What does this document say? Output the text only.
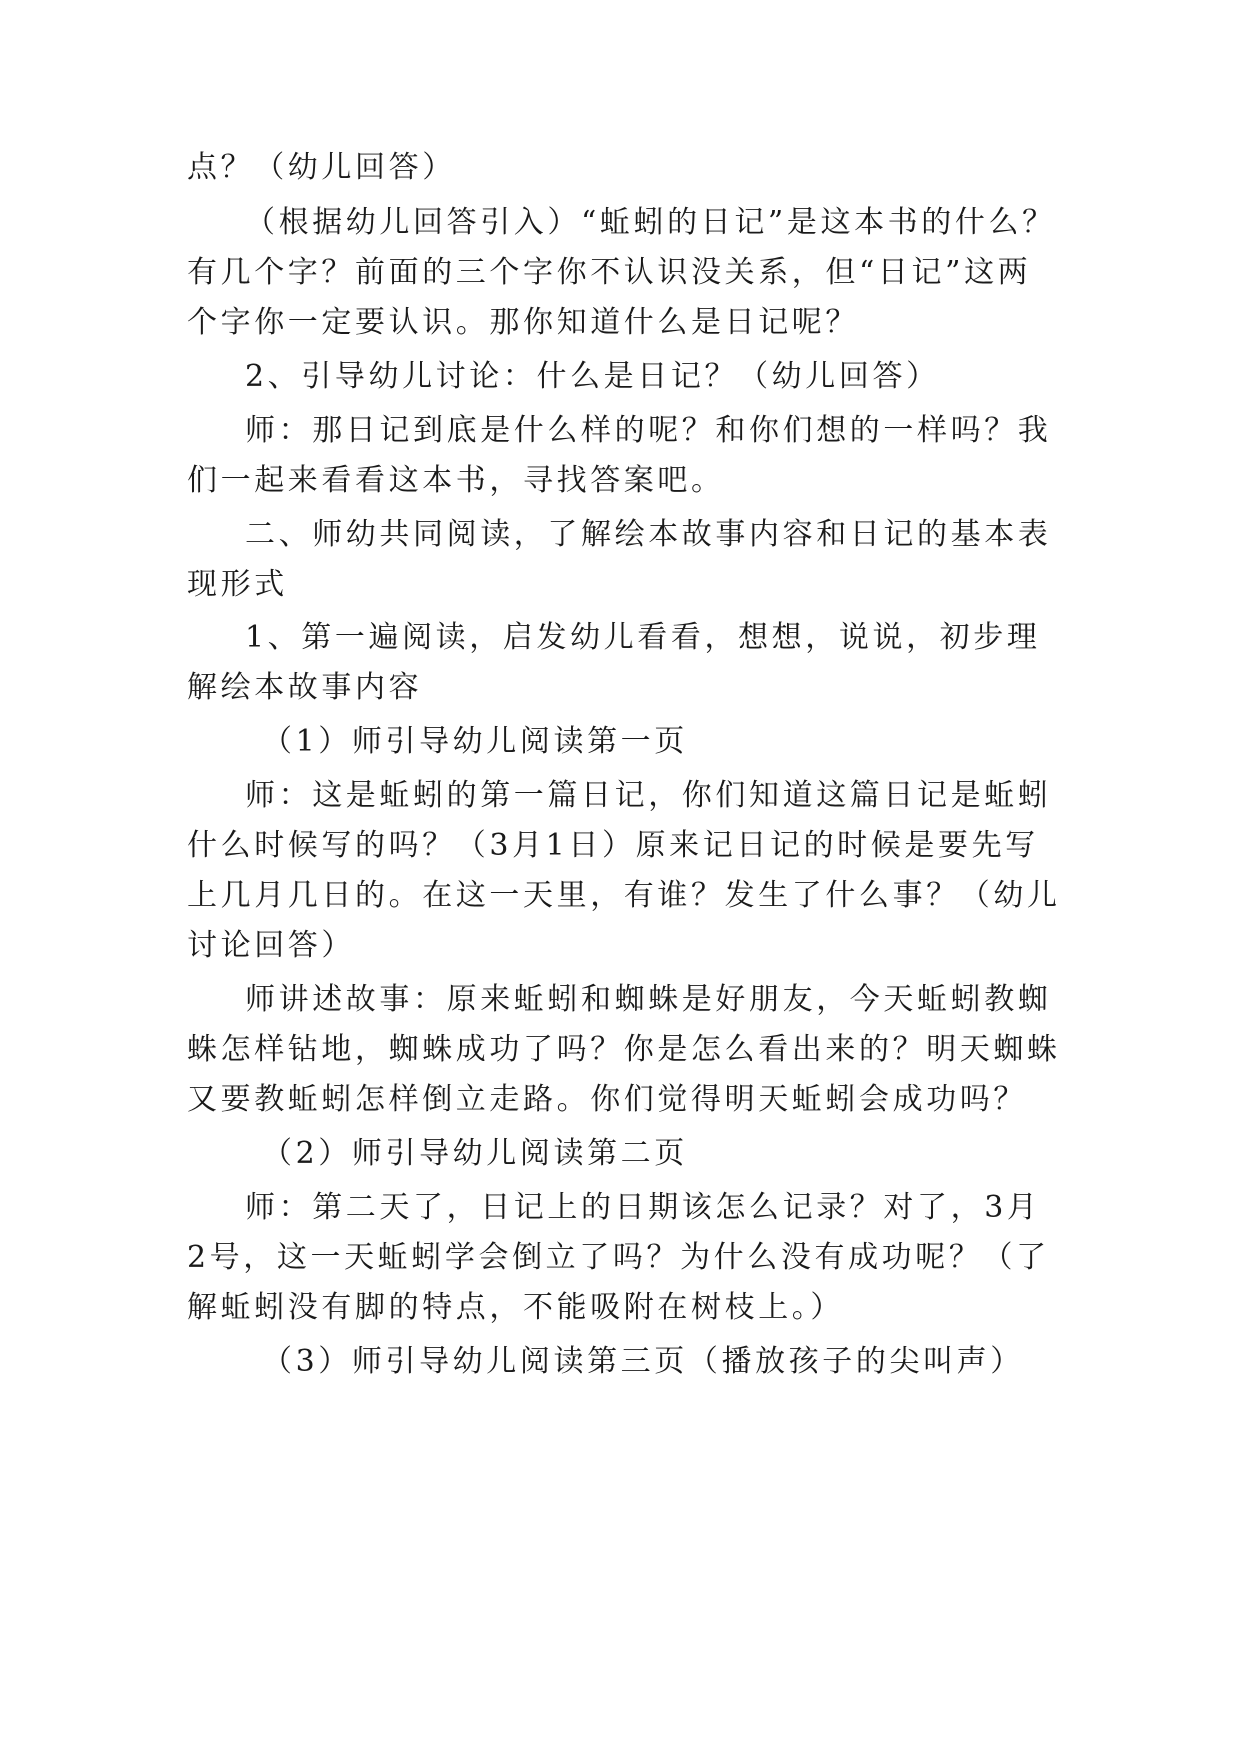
点？（幼儿回答）
（根据幼儿回答引入）“蚯蚓的日记”是这本书的什么？
有几个字？前面的三个字你不认识没关系，但“日记”这两
个字你一定要认识。那你知道什么是日记呢？
2、引导幼儿讨论：什么是日记？（幼儿回答）
师：那日记到底是什么样的呢？和你们想的一样吗？我
们一起来看看这本书，寻找答案吧。
二、师幼共同阅读，了解绘本故事内容和日记的基本表
现形式
1、第一遍阅读，启发幼儿看看，想想，说说，初步理
解绘本故事内容
（1）师引导幼儿阅读第一页
师：这是蚯蚓的第一篇日记，你们知道这篇日记是蚯蚓
什么时候写的吗？（3月1日）原来记日记的时候是要先写
上几月几日的。在这一天里，有谁？发生了什么事？（幼儿
讨论回答）
师讲述故事：原来蚯蚓和蜘蛛是好朋友，今天蚯蚓教蜘
蛛怎样钻地，蜘蛛成功了吗？你是怎么看出来的？明天蜘蛛
又要教蚯蚓怎样倒立走路。你们觉得明天蚯蚓会成功吗？
（2）师引导幼儿阅读第二页
师：第二天了，日记上的日期该怎么记录？对了，3月
2号，这一天蚯蚓学会倒立了吗？为什么没有成功呢？（了
解蚯蚓没有脚的特点，不能吸附在树枝上。）
（3）师引导幼儿阅读第三页（播放孩子的尖叫声）
